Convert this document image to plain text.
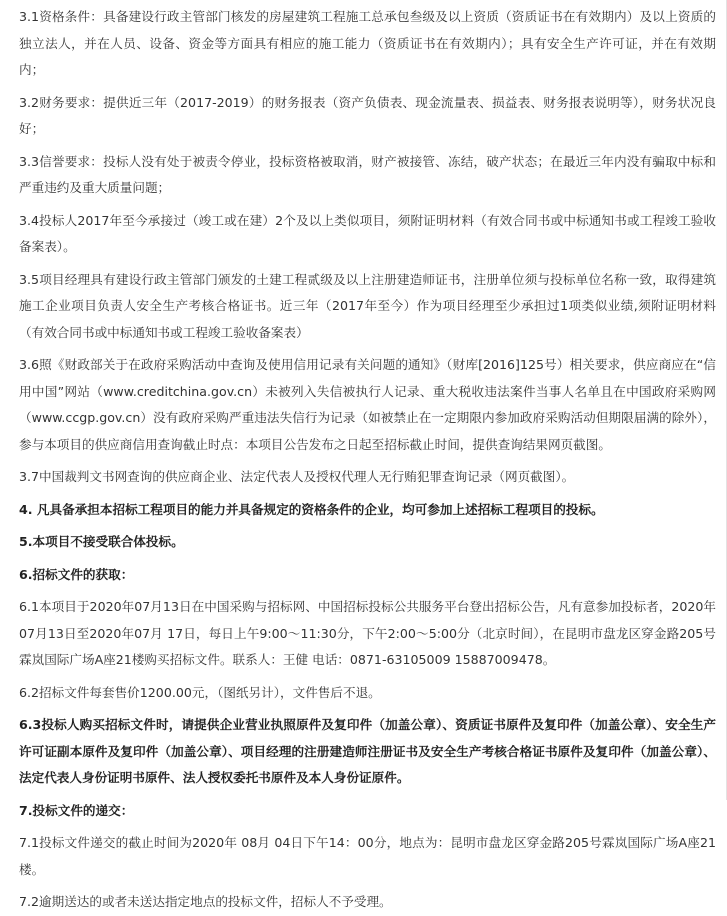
3.1资格条件：具备建设行政主管部门核发的房屋建筑工程施工总承包叁级及以上资质（资质证书在有效期内）及以上资质的独立法人，并在人员、设备、资金等方面具有相应的施工能力（资质证书在有效期内）；具有安全生产许可证，并在有效期内；

3.2财务要求：提供近三年（2017-2019）的财务报表（资产负债表、现金流量表、损益表、财务报表说明等），财务状况良好；

3.3信誉要求：投标人没有处于被责令停业，投标资格被取消，财产被接管、冻结，破产状态；在最近三年内没有骗取中标和严重违约及重大质量问题；

3.4投标人2017年至今承接过（竣工或在建）2个及以上类似项目，须附证明材料（有效合同书或中标通知书或工程竣工验收备案表）。

3.5项目经理具有建设行政主管部门颁发的土建工程贰级及以上注册建造师证书，注册单位须与投标单位名称一致，取得建筑施工企业项目负责人安全生产考核合格证书。近三年（2017年至今）作为项目经理至少承担过1项类似业绩,须附证明材料（有效合同书或中标通知书或工程竣工验收备案表）

3.6照《财政部关于在政府采购活动中查询及使用信用记录有关问题的通知》（财库[2016]125号）相关要求，供应商应在“信用中国”网站（www.creditchina.gov.cn）未被列入失信被执行人记录、重大税收违法案件当事人名单且在中国政府采购网（www.ccgp.gov.cn）没有政府采购严重违法失信行为记录（如被禁止在一定期限内参加政府采购活动但期限届满的除外），参与本项目的供应商信用查询截止时点：本项目公告发布之日起至招标截止时间，提供查询结果网页截图。

3.7中国裁判文书网查询的供应商企业、法定代表人及授权代理人无行贿犯罪查询记录（网页截图）。

4. 凡具备承担本招标工程项目的能力并具备规定的资格条件的企业，均可参加上述招标工程项目的投标。

5.本项目不接受联合体投标。

6.招标文件的获取：

6.1本项目于2020年07月13日在中国采购与招标网、中国招标投标公共服务平台登出招标公告，凡有意参加投标者，2020年07月13日至2020年07月 17日，每日上午9:00～11:30分，下午2:00～5:00分（北京时间），在昆明市盘龙区穿金路205号霖岚国际广场A座21楼购买招标文件。联系人：王健 电话：0871-63105009 15887009478。

6.2招标文件每套售价1200.00元，（图纸另计），文件售后不退。

6.3投标人购买招标文件时，请提供企业营业执照原件及复印件（加盖公章）、资质证书原件及复印件（加盖公章）、安全生产许可证副本原件及复印件（加盖公章）、项目经理的注册建造师注册证书及安全生产考核合格证书原件及复印件（加盖公章）、法定代表人身份证明书原件、法人授权委托书原件及本人身份证原件。

7.投标文件的递交：

7.1投标文件递交的截止时间为2020年 08月 04日下午14：00分，地点为：昆明市盘龙区穿金路205号霖岚国际广场A座21楼。

7.2逾期送达的或者未送达指定地点的投标文件，招标人不予受理。
